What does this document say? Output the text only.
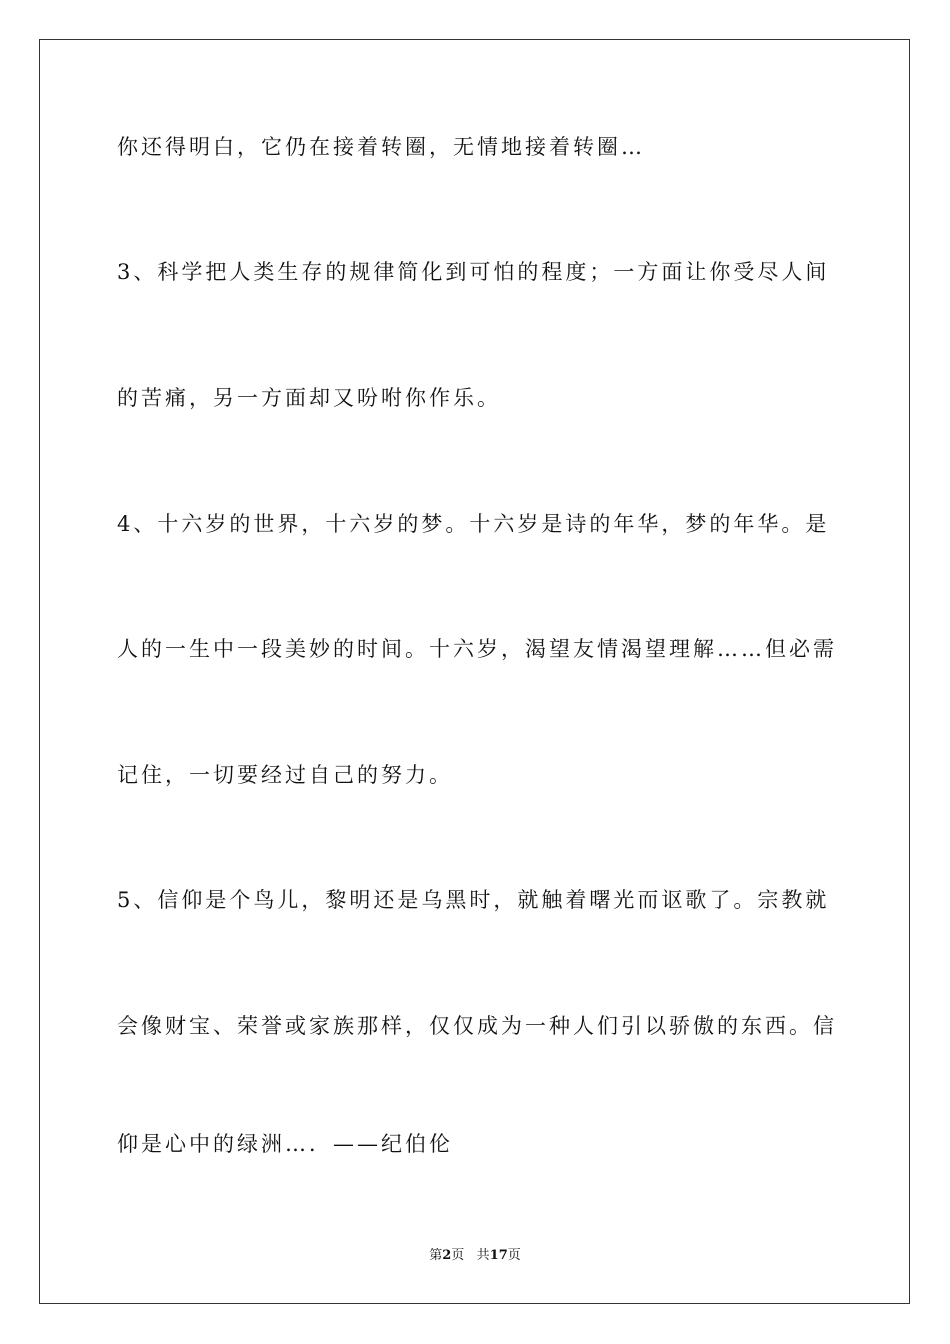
你还得明白，它仍在接着转圈，无情地接着转圈…

3、科学把人类生存的规律简化到可怕的程度；一方面让你受尽人间

的苦痛，另一方面却又吩咐你作乐。

4、十六岁的世界，十六岁的梦。十六岁是诗的年华，梦的年华。是

人的一生中一段美妙的时间。十六岁，渴望友情渴望理解……但必需

记住，一切要经过自己的努力。

5、信仰是个鸟儿，黎明还是乌黑时，就触着曙光而讴歌了。宗教就

会像财宝、荣誉或家族那样，仅仅成为一种人们引以骄傲的东西。信

仰是心中的绿洲…．——纪伯伦

第2页 共17页
